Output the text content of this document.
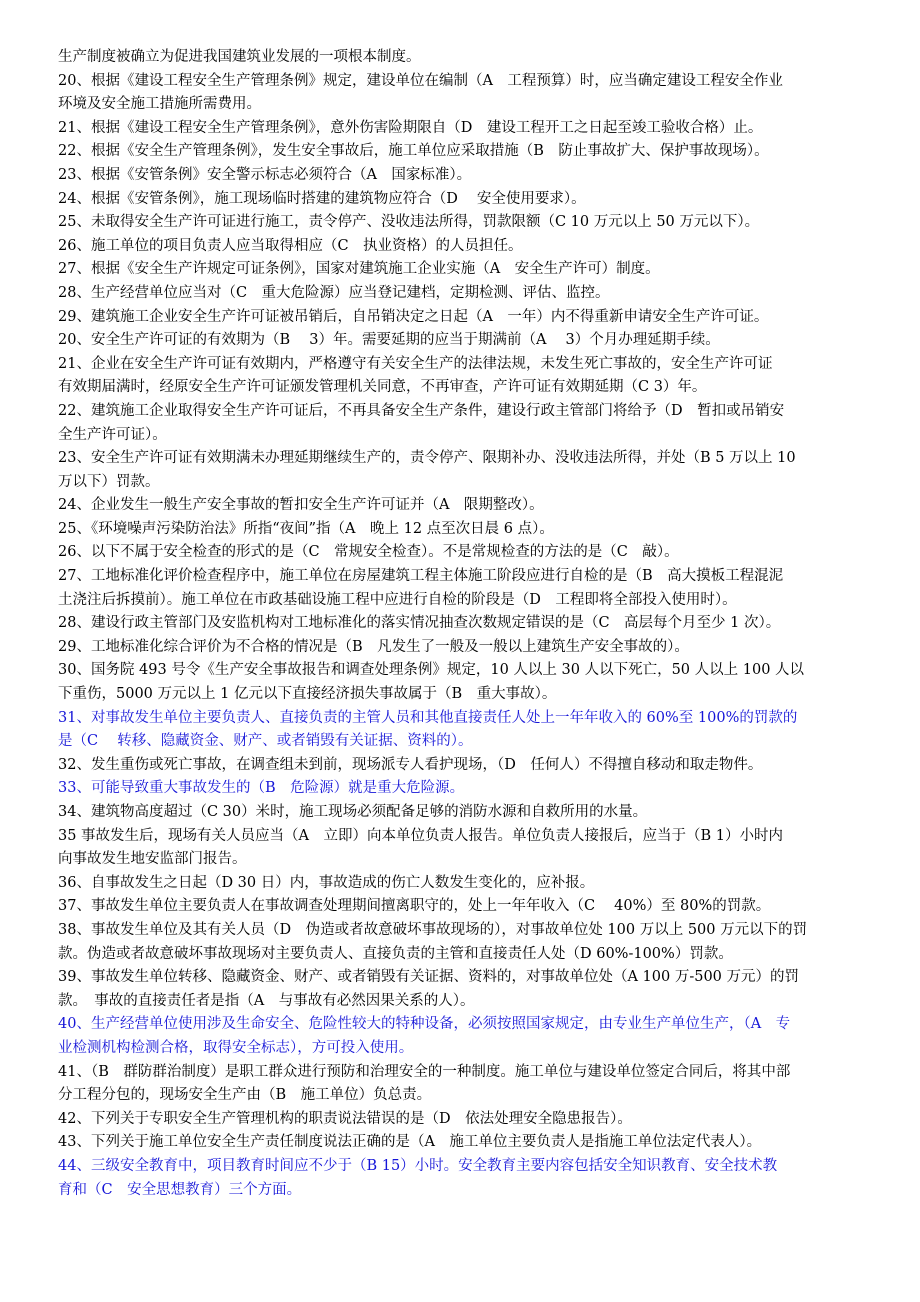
生产制度被确立为促进我国建筑业发展的一项根本制度。
20、根据《建设工程安全生产管理条例》规定，建设单位在编制（A　工程预算）时，应当确定建设工程安全作业
环境及安全施工措施所需费用。
21、根据《建设工程安全生产管理条例》，意外伤害险期限自（D　建设工程开工之日起至竣工验收合格）止。
22、根据《安全生产管理条例》，发生安全事故后，施工单位应采取措施（B　防止事故扩大、保护事故现场）。
23、根据《安管条例》安全警示标志必须符合（A　国家标准）。
24、根据《安管条例》，施工现场临时搭建的建筑物应符合（D　 安全使用要求）。
25、未取得安全生产许可证进行施工，责令停产、没收违法所得，罚款限额（C 10 万元以上 50 万元以下）。
26、施工单位的项目负责人应当取得相应（C　执业资格）的人员担任。
27、根据《安全生产许规定可证条例》，国家对建筑施工企业实施（A　安全生产许可）制度。
28、生产经营单位应当对（C　重大危险源）应当登记建档，定期检测、评估、监控。
29、建筑施工企业安全生产许可证被吊销后，自吊销决定之日起（A　一年）内不得重新申请安全生产许可证。
20、安全生产许可证的有效期为（B　 3）年。需要延期的应当于期满前（A　 3）个月办理延期手续。
21、企业在安全生产许可证有效期内，严格遵守有关安全生产的法律法规，未发生死亡事故的，安全生产许可证
有效期届满时，经原安全生产许可证颁发管理机关同意，不再审查，产许可证有效期延期（C 3）年。
22、建筑施工企业取得安全生产许可证后，不再具备安全生产条件，建设行政主管部门将给予（D　暂扣或吊销安
全生产许可证）。
23、安全生产许可证有效期满未办理延期继续生产的，责令停产、限期补办、没收违法所得，并处（B 5 万以上 10
万以下）罚款。
24、企业发生一般生产安全事故的暂扣安全生产许可证并（A　限期整改）。
25、《环境噪声污染防治法》所指“夜间”指（A　晚上 12 点至次日晨 6 点）。
26、以下不属于安全检查的形式的是（C　常规安全检查）。不是常规检查的方法的是（C　敲）。
27、工地标准化评价检查程序中，施工单位在房屋建筑工程主体施工阶段应进行自检的是（B　高大摸板工程混泥
土浇注后拆摸前）。施工单位在市政基础设施工程中应进行自检的阶段是（D　工程即将全部投入使用时）。
28、建设行政主管部门及安监机构对工地标准化的落实情况抽查次数规定错误的是（C　高层每个月至少 1 次）。
29、工地标准化综合评价为不合格的情况是（B　凡发生了一般及一般以上建筑生产安全事故的）。
30、国务院 493 号令《生产安全事故报告和调查处理条例》规定，10 人以上 30 人以下死亡，50 人以上 100 人以
下重伤，5000 万元以上 1 亿元以下直接经济损失事故属于（B　重大事故）。
31、对事故发生单位主要负责人、直接负责的主管人员和其他直接责任人处上一年年收入的 60%至 100%的罚款的
是（C　 转移、隐藏资金、财产、或者销毁有关证据、资料的）。
32、发生重伤或死亡事故，在调查组未到前，现场派专人看护现场，（D　任何人）不得擅自移动和取走物件。
33、可能导致重大事故发生的（B　危险源）就是重大危险源。
34、建筑物高度超过（C 30）米时，施工现场必须配备足够的消防水源和自救所用的水量。
35 事故发生后，现场有关人员应当（A　立即）向本单位负责人报告。单位负责人接报后，应当于（B 1）小时内
向事故发生地安监部门报告。
36、自事故发生之日起（D 30 日）内，事故造成的伤亡人数发生变化的，应补报。
37、事故发生单位主要负责人在事故调查处理期间擅离职守的，处上一年年收入（C　 40%）至 80%的罚款。
38、事故发生单位及其有关人员（D　伪造或者故意破坏事故现场的），对事故单位处 100 万以上 500 万元以下的罚
款。伪造或者故意破坏事故现场对主要负责人、直接负责的主管和直接责任人处（D 60%-100%）罚款。
39、事故发生单位转移、隐藏资金、财产、或者销毁有关证据、资料的，对事故单位处（A 100 万-500 万元）的罚
款。　事故的直接责任者是指（A　与事故有必然因果关系的人）。
40、生产经营单位使用涉及生命安全、危险性较大的特种设备，必须按照国家规定，由专业生产单位生产，（A　专
业检测机构检测合格，取得安全标志），方可投入使用。
41、（B　群防群治制度）是职工群众进行预防和治理安全的一种制度。施工单位与建设单位签定合同后，将其中部
分工程分包的，现场安全生产由（B　施工单位）负总责。
42、下列关于专职安全生产管理机构的职责说法错误的是（D　依法处理安全隐患报告）。
43、下列关于施工单位安全生产责任制度说法正确的是（A　施工单位主要负责人是指施工单位法定代表人）。
44、三级安全教育中，项目教育时间应不少于（B 15）小时。安全教育主要内容包括安全知识教育、安全技术教
育和（C　安全思想教育）三个方面。
